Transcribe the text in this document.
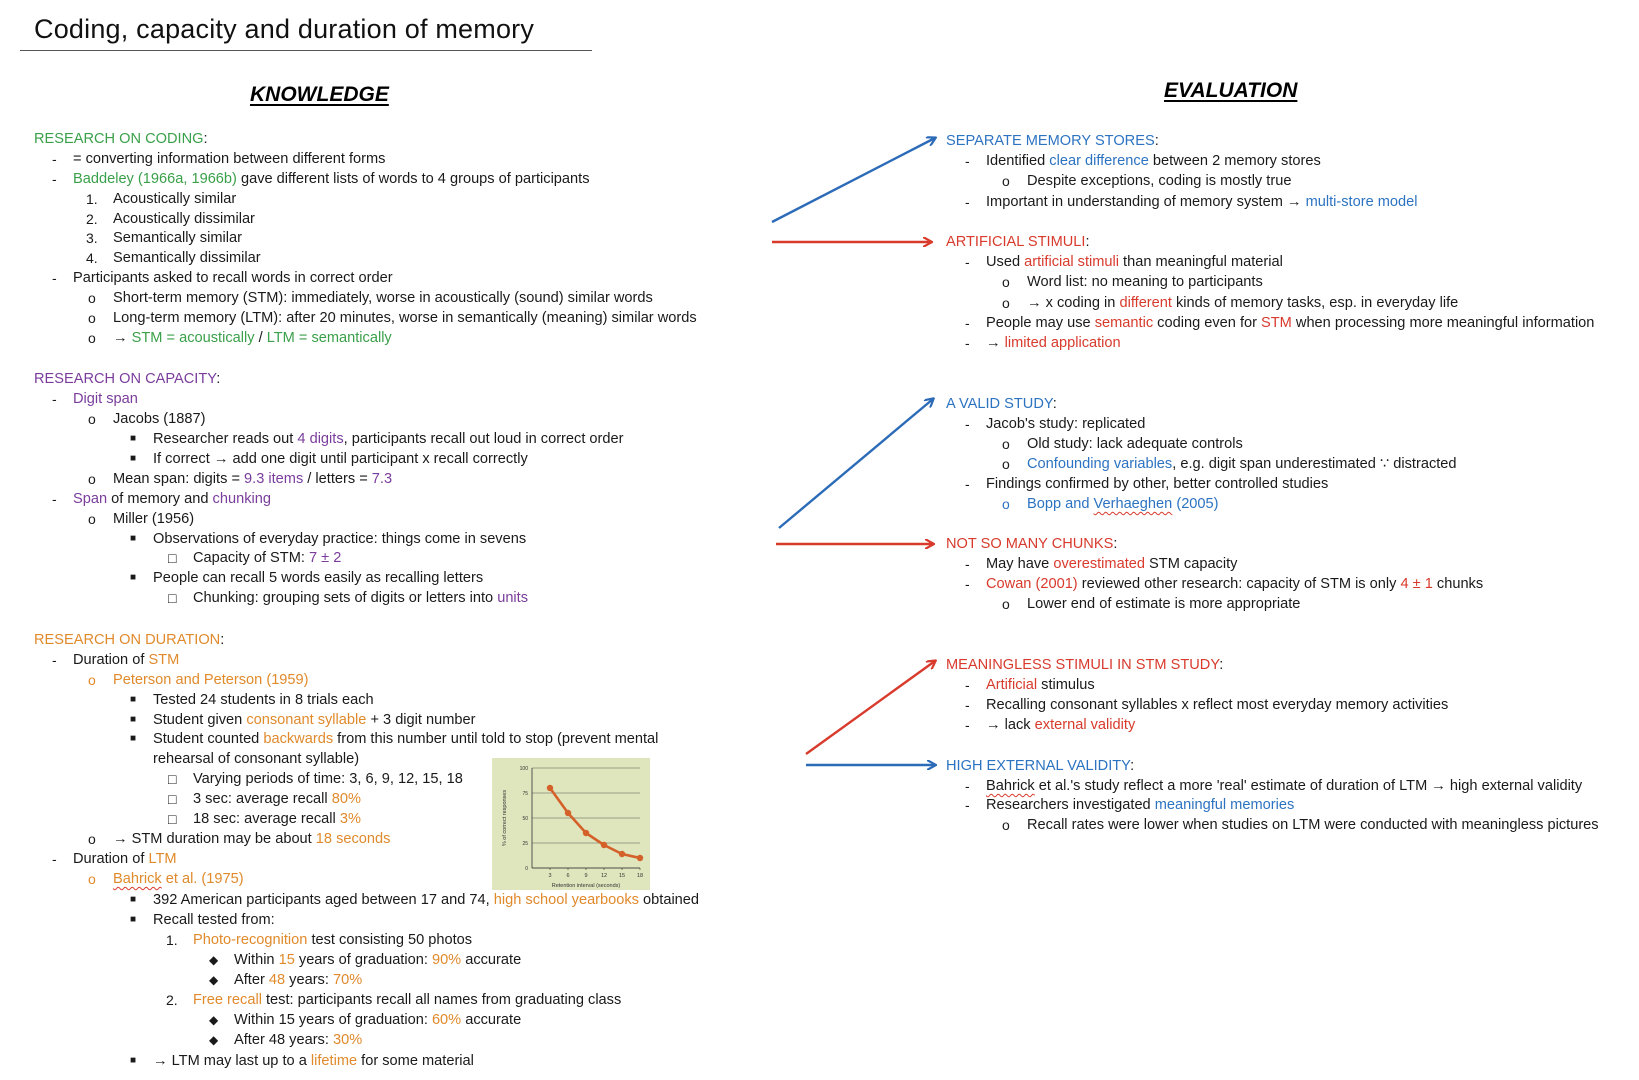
Coding, capacity and duration of memory
KNOWLEDGE	EVALUATION
RESEARCH ON CODING:
- = converting information between different forms
- Baddeley (1966a, 1966b) gave different lists of words to 4 groups of participants
1. Acoustically similar
2. Acoustically dissimilar
3. Semantically similar
4. Semantically dissimilar
- Participants asked to recall words in correct order
o Short-term memory (STM): immediately, worse in acoustically (sound) similar words
o Long-term memory (LTM): after 20 minutes, worse in semantically (meaning) similar words
o → STM = acoustically / LTM = semantically
RESEARCH ON CAPACITY:
- Digit span
o Jacobs (1887)
■ Researcher reads out 4 digits, participants recall out loud in correct order
■ If correct → add one digit until participant x recall correctly
o Mean span: digits = 9.3 items / letters = 7.3
- Span of memory and chunking
o Miller (1956)
■ Observations of everyday practice: things come in sevens
□ Capacity of STM: 7 ± 2
■ People can recall 5 words easily as recalling letters
□ Chunking: grouping sets of digits or letters into units
RESEARCH ON DURATION:
- Duration of STM
o Peterson and Peterson (1959)
■ Tested 24 students in 8 trials each
■ Student given consonant syllable + 3 digit number
■ Student counted backwards from this number until told to stop (prevent mental
rehearsal of consonant syllable)
□ Varying periods of time: 3, 6, 9, 12, 15, 18
□ 3 sec: average recall 80%
□ 18 sec: average recall 3%
o → STM duration may be about 18 seconds
- Duration of LTM
o Bahrick et al. (1975)
■ 392 American participants aged between 17 and 74, high school yearbooks obtained
■ Recall tested from:
1. Photo-recognition test consisting 50 photos
◆ Within 15 years of graduation: 90% accurate
◆ After 48 years: 70%
2. Free recall test: participants recall all names from graduating class
◆ Within 15 years of graduation: 60% accurate
◆ After 48 years: 30%
■ → LTM may last up to a lifetime for some material
0
25
50
75
100
3	6	9 12 15 18
Retention interval (seconds)
% of correct responses
SEPARATE MEMORY STORES:
- Identified clear difference between 2 memory stores
o Despite exceptions, coding is mostly true
- Important in understanding of memory system → multi-store model
ARTIFICIAL STIMULI:
- Used artificial stimuli than meaningful material
o Word list: no meaning to participants
o → x coding in different kinds of memory tasks, esp. in everyday life
- People may use semantic coding even for STM when processing more meaningful information
- → limited application
A VALID STUDY:
- Jacob's study: replicated
o Old study: lack adequate controls
o Confounding variables, e.g. digit span underestimated ∵ distracted
- Findings confirmed by other, better controlled studies
o Bopp and Verhaeghen (2005)
NOT SO MANY CHUNKS:
- May have overestimated STM capacity
- Cowan (2001) reviewed other research: capacity of STM is only 4 ± 1 chunks
o Lower end of estimate is more appropriate
MEANINGLESS STIMULI IN STM STUDY:
- Artificial stimulus
- Recalling consonant syllables x reflect most everyday memory activities
- → lack external validity
HIGH EXTERNAL VALIDITY:
- Bahrick et al.'s study reflect a more 'real' estimate of duration of LTM → high external validity
- Researchers investigated meaningful memories
o Recall rates were lower when studies on LTM were conducted with meaningless pictures
